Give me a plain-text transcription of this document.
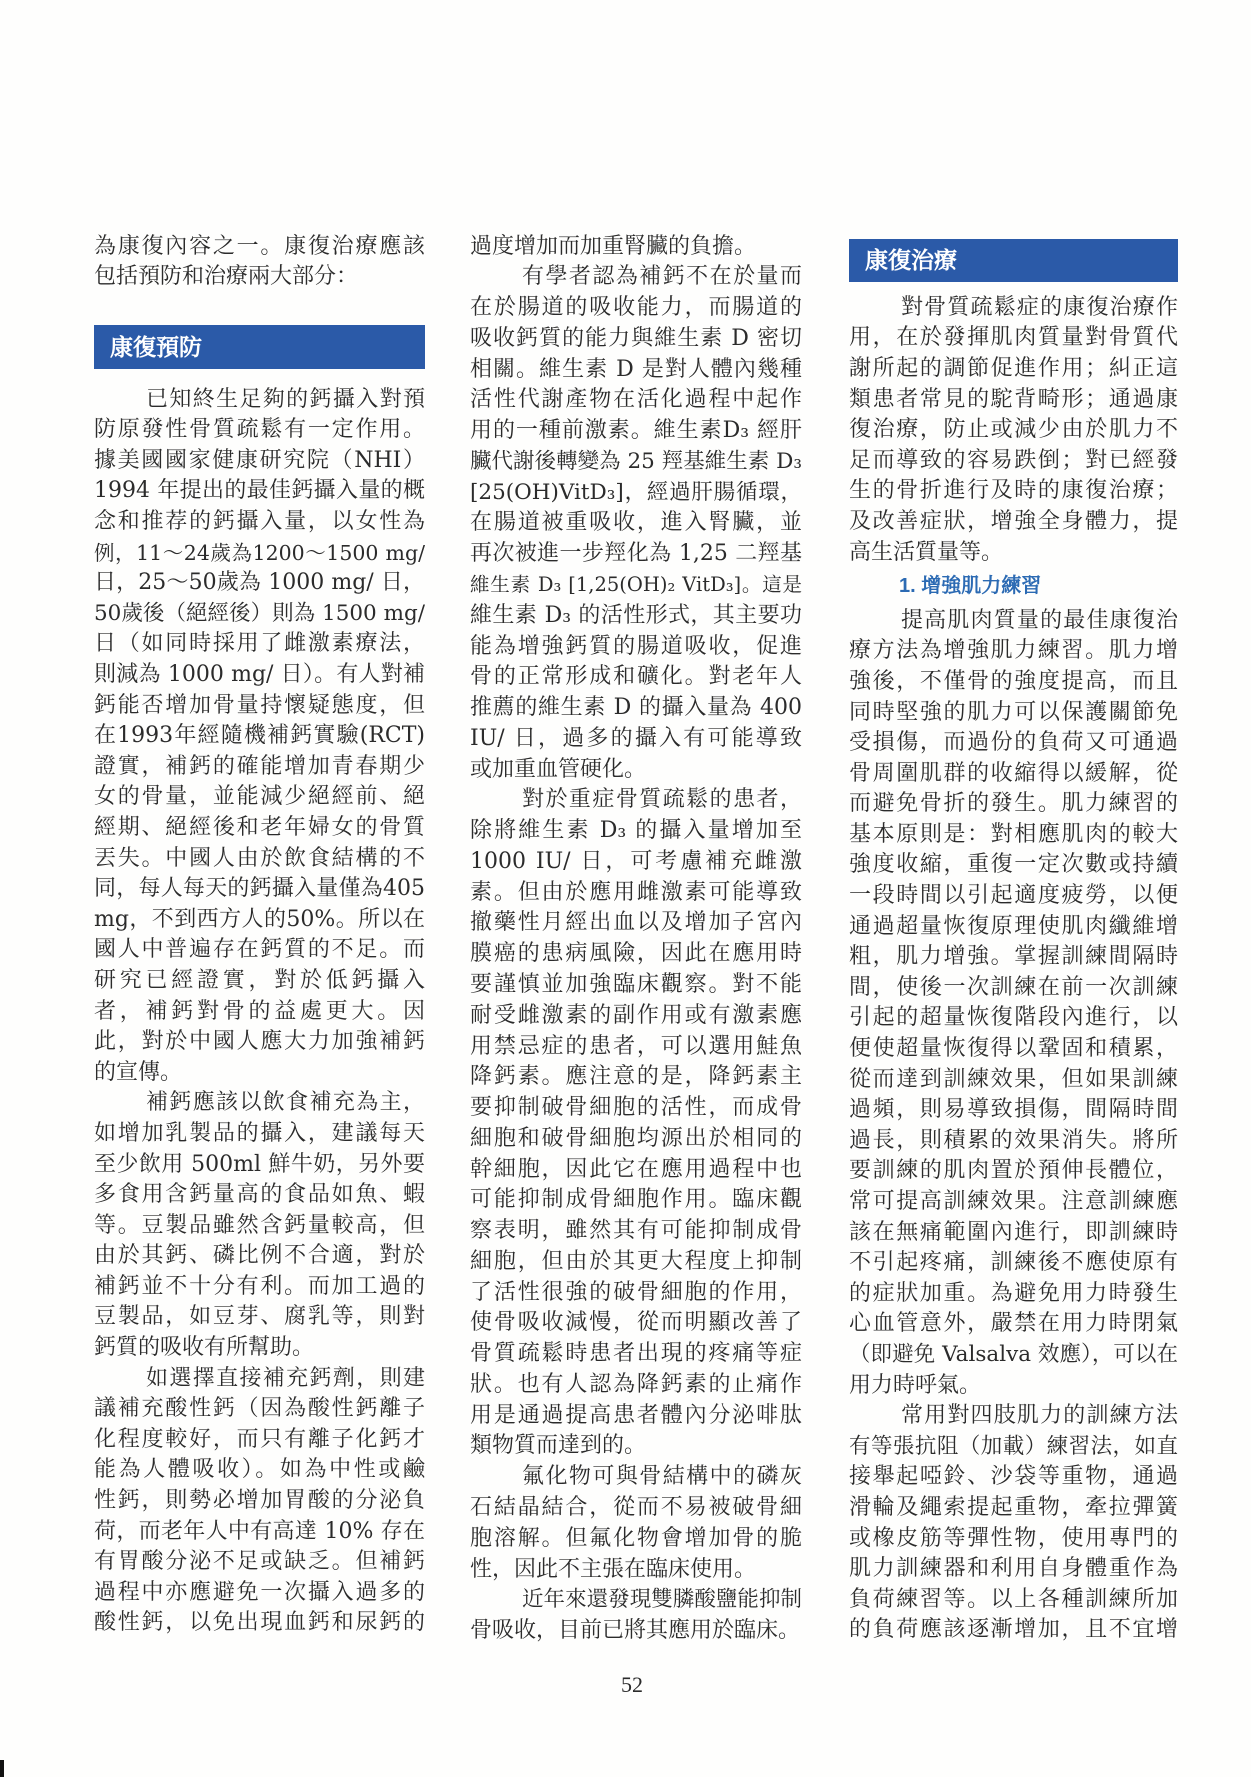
52
為康復內容之一。康復治療應該
包括預防和治療兩大部分：
康復預防
已知終生足夠的鈣攝入對預
防原發性骨質疏鬆有一定作用。
據美國國家健康研究院（NHI）
1994 年提出的最佳鈣攝入量的概
念和推荐的鈣攝入量，以女性為
例，11～24歲為1200～1500 mg/
日，25～50歲為 1000 mg/ 日，
50歲後（絕經後）則為 1500 mg/
日（如同時採用了雌激素療法，
則減為 1000 mg/ 日）。有人對補
鈣能否增加骨量持懷疑態度，但
在1993年經隨機補鈣實驗(RCT)
證實，補鈣的確能增加青春期少
女的骨量，並能減少絕經前、絕
經期、絕經後和老年婦女的骨質
丟失。中國人由於飲食結構的不
同，每人每天的鈣攝入量僅為405
mg，不到西方人的50%。所以在
國人中普遍存在鈣質的不足。而
研究已經證實，對於低鈣攝入
者，補鈣對骨的益處更大。因
此，對於中國人應大力加強補鈣
的宣傳。
補鈣應該以飲食補充為主，
如增加乳製品的攝入，建議每天
至少飲用 500ml 鮮牛奶，另外要
多食用含鈣量高的食品如魚、蝦
等。豆製品雖然含鈣量較高，但
由於其鈣、磷比例不合適，對於
補鈣並不十分有利。而加工過的
豆製品，如豆芽、腐乳等，則對
鈣質的吸收有所幫助。
如選擇直接補充鈣劑，則建
議補充酸性鈣（因為酸性鈣離子
化程度較好，而只有離子化鈣才
能為人體吸收）。如為中性或鹼
性鈣，則勢必增加胃酸的分泌負
荷，而老年人中有高達 10% 存在
有胃酸分泌不足或缺乏。但補鈣
過程中亦應避免一次攝入過多的
酸性鈣，以免出現血鈣和尿鈣的
過度增加而加重腎臟的負擔。
有學者認為補鈣不在於量而
在於腸道的吸收能力，而腸道的
吸收鈣質的能力與維生素 D 密切
相關。維生素 D 是對人體內幾種
活性代謝產物在活化過程中起作
用的一種前激素。維生素D₃ 經肝
臟代謝後轉變為 25 羥基維生素 D₃
[25(OH)VitD₃]，經過肝腸循環，
在腸道被重吸收，進入腎臟，並
再次被進一步羥化為 1,25 二羥基
維生素 D₃ [1,25(OH)₂ VitD₃]。這是
維生素 D₃ 的活性形式，其主要功
能為增強鈣質的腸道吸收，促進
骨的正常形成和礦化。對老年人
推薦的維生素 D 的攝入量為 400
IU/ 日，過多的攝入有可能導致
或加重血管硬化。
對於重症骨質疏鬆的患者，
除將維生素 D₃ 的攝入量增加至
1000 IU/ 日，可考慮補充雌激
素。但由於應用雌激素可能導致
撤藥性月經出血以及增加子宮內
膜癌的患病風險，因此在應用時
要謹慎並加強臨床觀察。對不能
耐受雌激素的副作用或有激素應
用禁忌症的患者，可以選用鮭魚
降鈣素。應注意的是，降鈣素主
要抑制破骨細胞的活性，而成骨
細胞和破骨細胞均源出於相同的
幹細胞，因此它在應用過程中也
可能抑制成骨細胞作用。臨床觀
察表明，雖然其有可能抑制成骨
細胞，但由於其更大程度上抑制
了活性很強的破骨細胞的作用，
使骨吸收減慢，從而明顯改善了
骨質疏鬆時患者出現的疼痛等症
狀。也有人認為降鈣素的止痛作
用是通過提高患者體內分泌啡肽
類物質而達到的。
氟化物可與骨結構中的磷灰
石結晶結合，從而不易被破骨細
胞溶解。但氟化物會增加骨的脆
性，因此不主張在臨床使用。
近年來還發現雙膦酸鹽能抑制
骨吸收，目前已將其應用於臨床。
康復治療
對骨質疏鬆症的康復治療作
用，在於發揮肌肉質量對骨質代
謝所起的調節促進作用；糾正這
類患者常見的駝背畸形；通過康
復治療，防止或減少由於肌力不
足而導致的容易跌倒；對已經發
生的骨折進行及時的康復治療；
及改善症狀，增強全身體力，提
高生活質量等。
1. 增強肌力練習
提高肌肉質量的最佳康復治
療方法為增強肌力練習。肌力增
強後，不僅骨的強度提高，而且
同時堅強的肌力可以保護關節免
受損傷，而過份的負荷又可通過
骨周圍肌群的收縮得以緩解，從
而避免骨折的發生。肌力練習的
基本原則是：對相應肌肉的較大
強度收縮，重復一定次數或持續
一段時間以引起適度疲勞，以便
通過超量恢復原理使肌肉纖維增
粗，肌力增強。掌握訓練間隔時
間，使後一次訓練在前一次訓練
引起的超量恢復階段內進行，以
便使超量恢復得以鞏固和積累，
從而達到訓練效果，但如果訓練
過頻，則易導致損傷，間隔時間
過長，則積累的效果消失。將所
要訓練的肌肉置於預伸長體位，
常可提高訓練效果。注意訓練應
該在無痛範圍內進行，即訓練時
不引起疼痛，訓練後不應使原有
的症狀加重。為避免用力時發生
心血管意外，嚴禁在用力時閉氣
（即避免 Valsalva 效應），可以在
用力時呼氣。
常用對四肢肌力的訓練方法
有等張抗阻（加載）練習法，如直
接舉起啞鈴、沙袋等重物，通過
滑輪及繩索提起重物，牽拉彈簧
或橡皮筋等彈性物，使用專門的
肌力訓練器和利用自身體重作為
負荷練習等。以上各種訓練所加
的負荷應該逐漸增加，且不宜增
